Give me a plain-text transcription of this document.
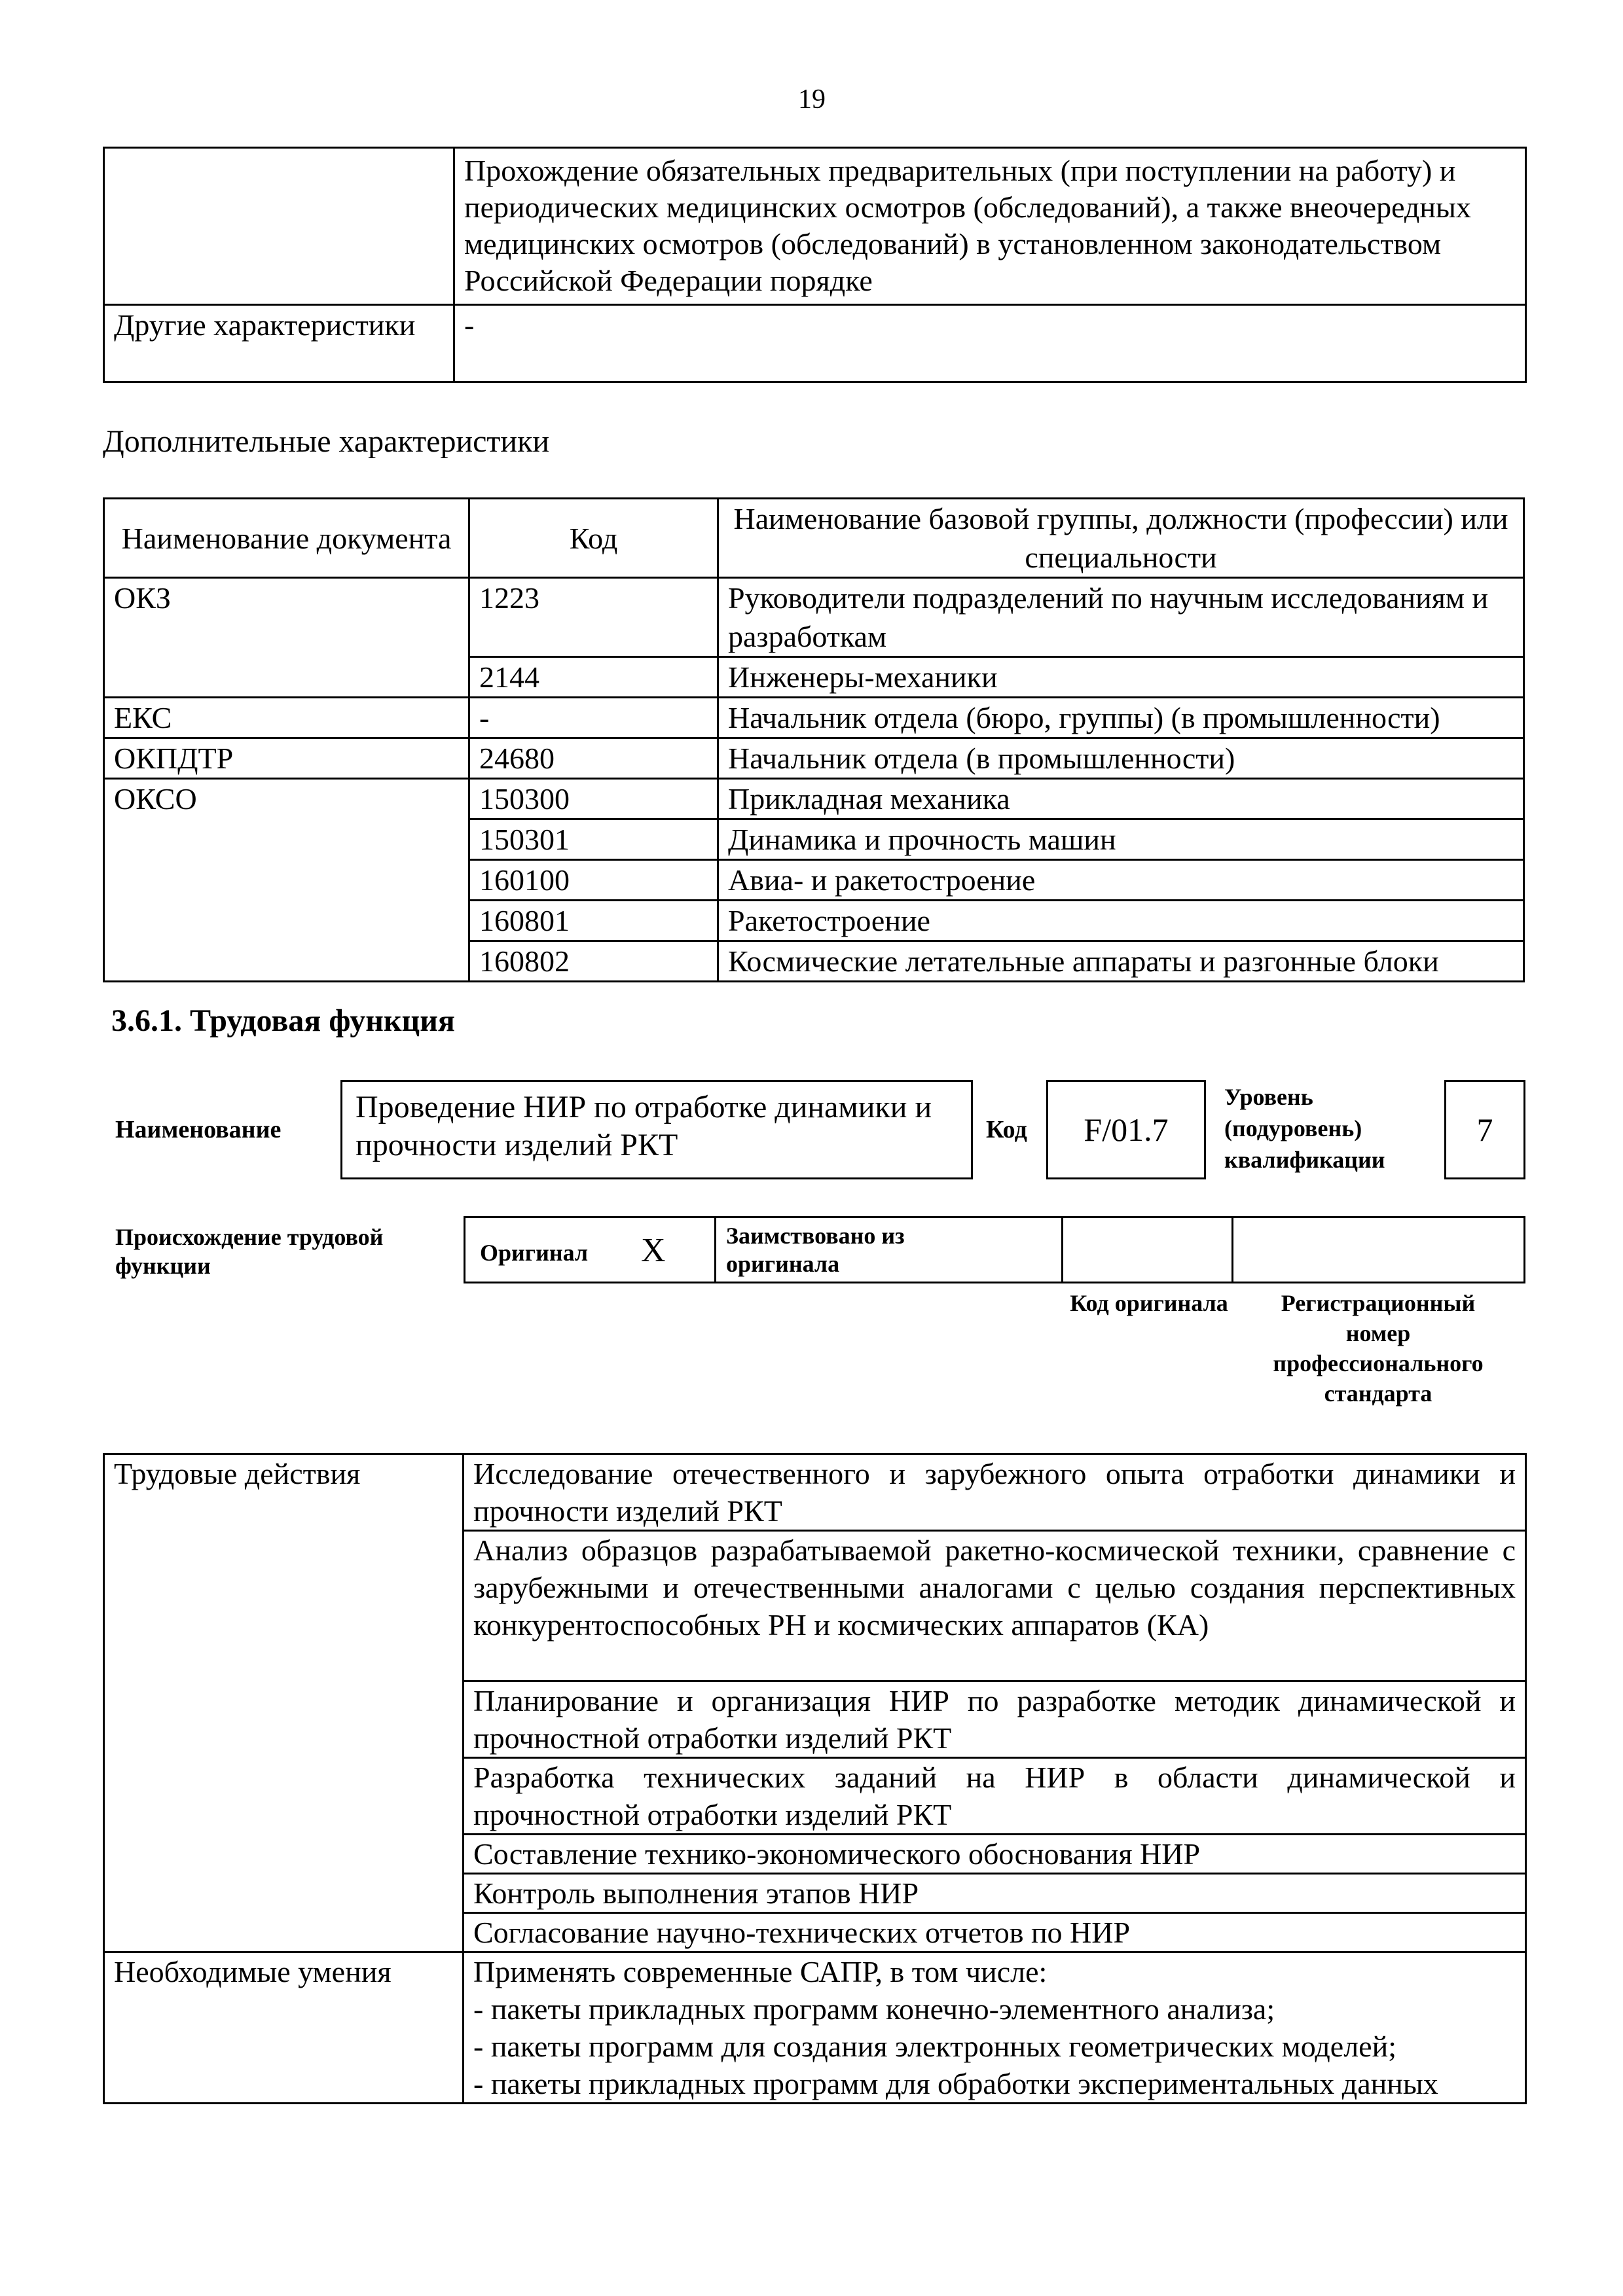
19
	Прохождение обязательных предварительных (при поступлении на работу) и периодических медицинских осмотров (обследований), а также внеочередных медицинских осмотров (обследований) в установленном законодательством Российской Федерации порядке
Другие характеристики	-
Дополнительные характеристики
Наименование документа	Код	Наименование базовой группы, должности (профессии) или специальности
ОКЗ	1223	Руководители подразделений по научным исследованиям и разработкам
	2144	Инженеры-механики
ЕКС	-	Начальник отдела (бюро, группы) (в промышленности)
ОКПДТР	24680	Начальник отдела (в промышленности)
ОКСО	150300	Прикладная механика
	150301	Динамика и прочность машин
	160100	Авиа- и ракетостроение
	160801	Ракетостроение
	160802	Космические летательные аппараты и разгонные блоки
3.6.1. Трудовая функция
Наименование
Проведение НИР по отработке динамики и прочности изделий РКТ	Код F/01.7
Уровень (подуровень) квалификации
7
Происхождение трудовой функции	Оригинал X	Заимствовано из оригинала
Код оригинала	Регистрационный номер профессионального стандарта
Трудовые действия	Исследование отечественного и зарубежного опыта отработки динамики и прочности изделий РКТ
	Анализ образцов разрабатываемой ракетно-космической техники, сравнение с зарубежными и отечественными аналогами с целью создания перспективных конкурентоспособных РН и космических аппаратов (КА)
	Планирование и организация НИР по разработке методик динамической и прочностной отработки изделий РКТ
	Разработка технических заданий на НИР в области динамической и прочностной отработки изделий РКТ
	Составление технико-экономического обоснования НИР
	Контроль выполнения этапов НИР
	Согласование научно-технических отчетов по НИР
Необходимые умения	Применять современные САПР, в том числе:
- пакеты прикладных программ конечно-элементного анализа;
- пакеты программ для создания электронных геометрических моделей;
- пакеты прикладных программ для обработки экспериментальных данных
